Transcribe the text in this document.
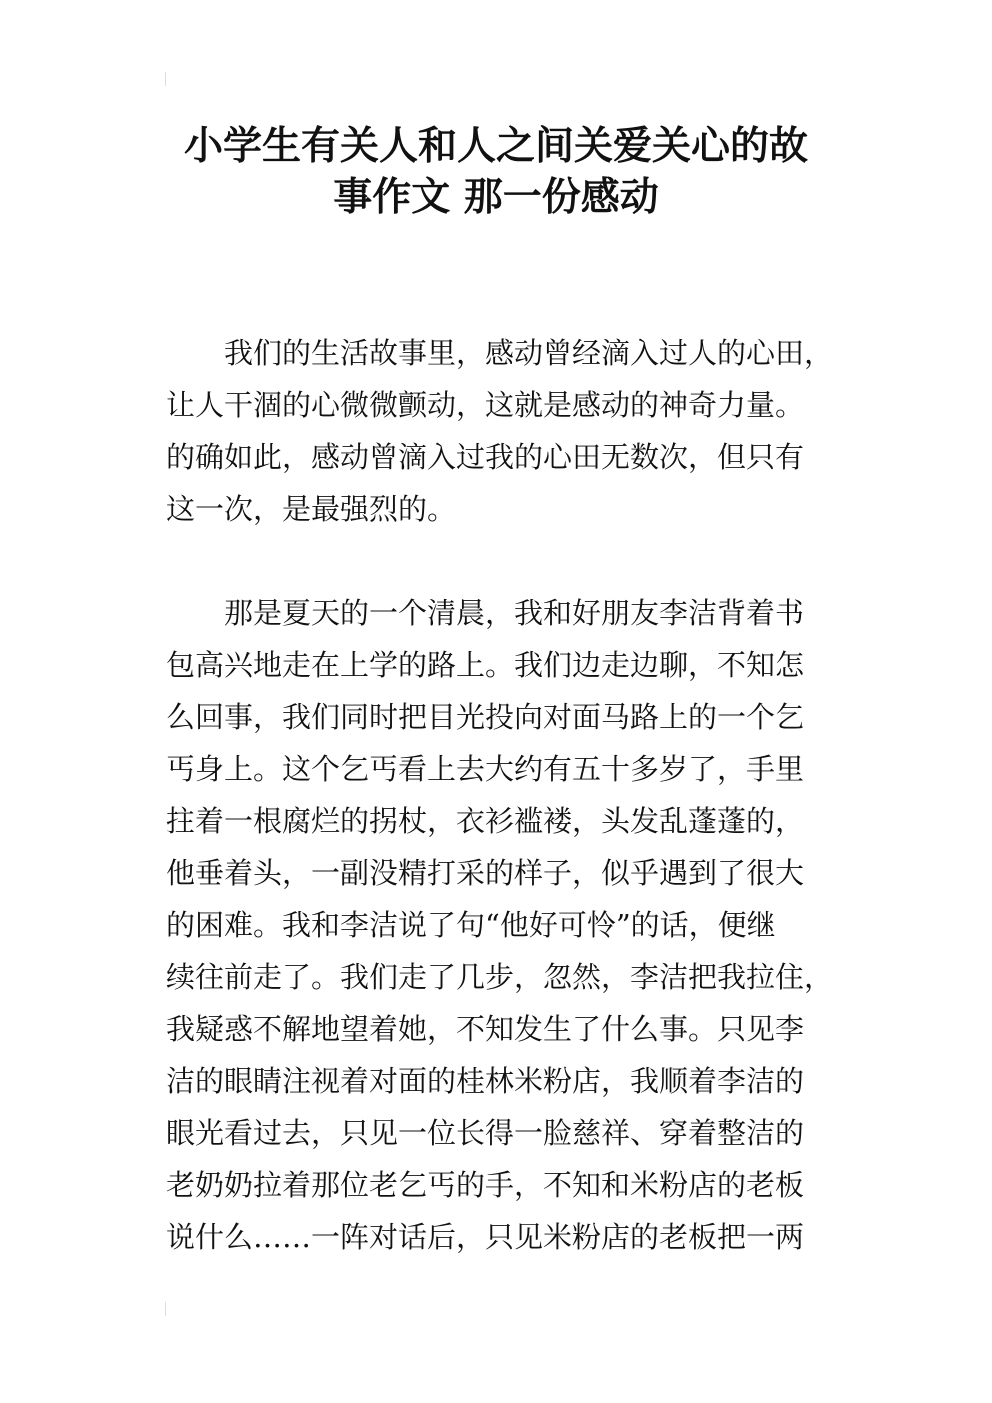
小学生有关人和人之间关爱关心的故
事作文 那一份感动
　　我们的生活故事里，感动曾经滴入过人的心田，
让人干涸的心微微颤动，这就是感动的神奇力量。
的确如此，感动曾滴入过我的心田无数次，但只有
这一次，是最强烈的。
　　那是夏天的一个清晨，我和好朋友李洁背着书
包高兴地走在上学的路上。我们边走边聊，不知怎
么回事，我们同时把目光投向对面马路上的一个乞
丐身上。这个乞丐看上去大约有五十多岁了，手里
拄着一根腐烂的拐杖，衣衫褴褛，头发乱蓬蓬的，
他垂着头，一副没精打采的样子，似乎遇到了很大
的困难。我和李洁说了句“他好可怜”的话，便继
续往前走了。我们走了几步，忽然，李洁把我拉住，
我疑惑不解地望着她，不知发生了什么事。只见李
洁的眼睛注视着对面的桂林米粉店，我顺着李洁的
眼光看过去，只见一位长得一脸慈祥、穿着整洁的
老奶奶拉着那位老乞丐的手，不知和米粉店的老板
说什么……一阵对话后，只见米粉店的老板把一两
